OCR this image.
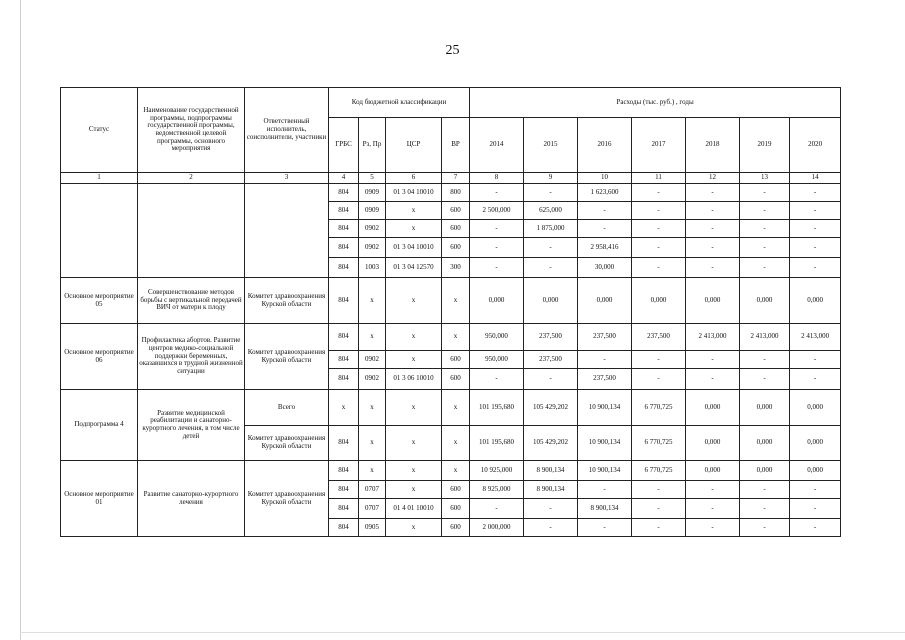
25
Статус	Наименование государственной программы, подпрограммы государственной программы, ведомственной целевой программы, основного мероприятия	Ответственный исполнитель, соисполнители, участники	Код бюджетной классификации				Расходы (тыс. руб.) , годы						
			ГРБС	Рз, Пр	ЦСР	ВР	2014	2015	2016	2017	2018	2019	2020
1	2	3	4	5	6	7	8	9	10	11	12	13	14
			804	0909	01 3 04 10010	800	-	-	1 623,600	-	-	-	-
			804	0909	x	600	2 500,000	625,000	-	-	-	-	-
			804	0902	x	600	-	1 875,000	-	-	-	-	-
			804	0902	01 3 04 10010	600	-	-	2 958,416	-	-	-	-
			804	1003	01 3 04 12570	300	-	-	30,000	-	-	-	-
Основное мероприятие 05	Совершенствование методов борьбы с вертикальной передачей ВИЧ от матери к плоду	Комитет здравоохранения Курской области	804	x	x	x	0,000	0,000	0,000	0,000	0,000	0,000	0,000
Основное мероприятие 06	Профилактика абортов. Развитие центров медико-социальной поддержки беременных, оказавшихся в трудной жизненной ситуации	Комитет здравоохранения Курской области	804	x	x	x	950,000	237,500	237,500	237,500	2 413,000	2 413,000	2 413,000
			804	0902	x	600	950,000	237,500	-	-	-	-	-
			804	0902	01 3 06 10010	600	-	-	237,500	-	-	-	-
Подпрограмма 4	Развитие медицинской реабилитации и санаторно-курортного лечения, в том числе детей	Всего	x	x	x	x	101 195,680	105 429,202	10 900,134	6 770,725	0,000	0,000	0,000
		Комитет здравоохранения Курской области	804	x	x	x	101 195,680	105 429,202	10 900,134	6 770,725	0,000	0,000	0,000
Основное мероприятие 01	Развитие санаторно-курортного лечения	Комитет здравоохранения Курской области	804	x	x	x	10 925,000	8 900,134	10 900,134	6 770,725	0,000	0,000	0,000
			804	0707	x	600	8 925,000	8 900,134	-	-	-	-	-
			804	0707	01 4 01 10010	600	-	-	8 900,134	-	-	-	-
			804	0905	x	600	2 000,000	-	-	-	-	-	-
